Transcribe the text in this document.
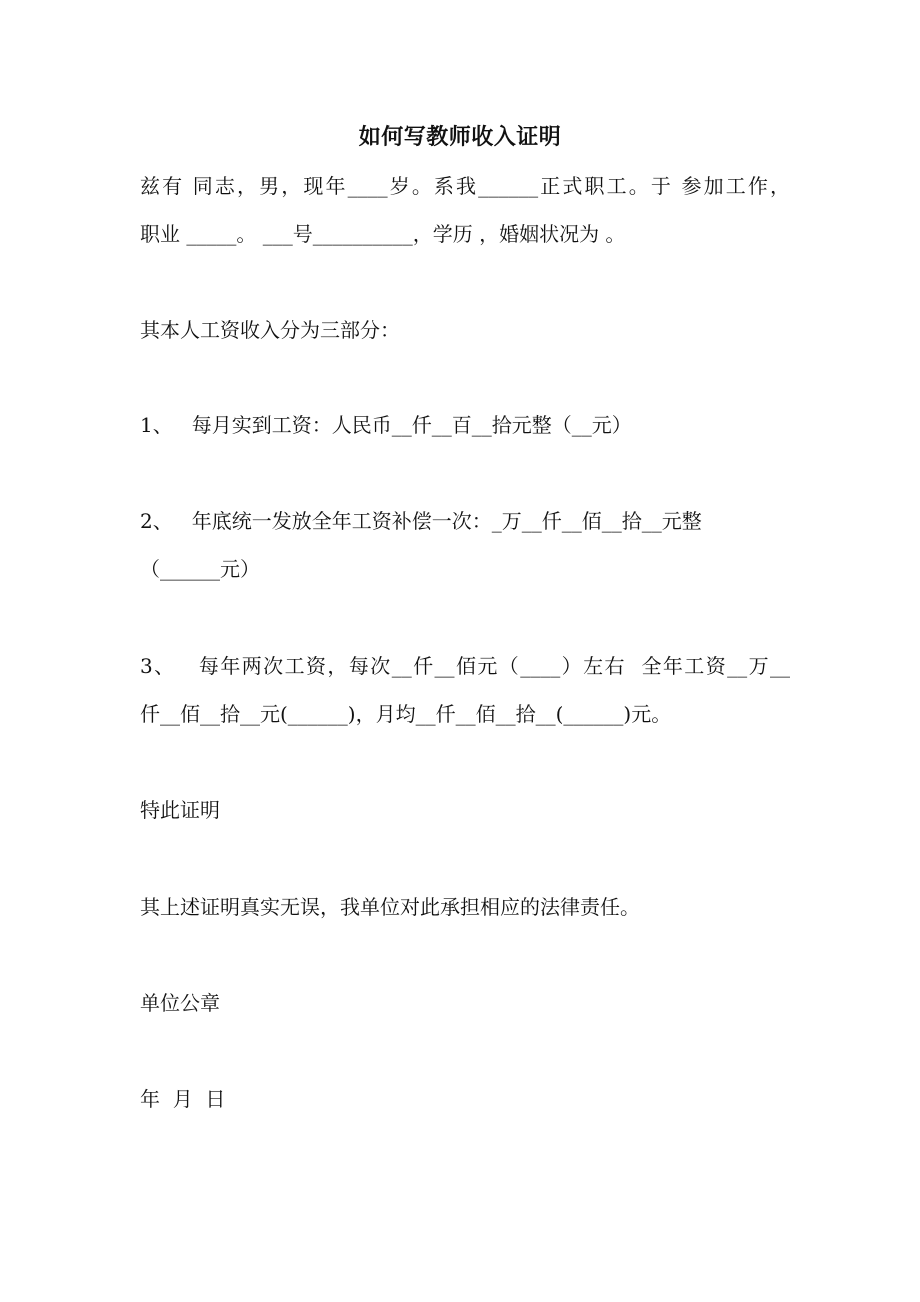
如何写教师收入证明
兹有 同志，男，现年____岁。系我______正式职工。于 参加工作，
职业 _____。 ___号__________，学历 ，婚姻状况为 。
其本人工资收入分为三部分：
1、   每月实到工资：人民币__仟__百__拾元整（__元）
2、   年底统一发放全年工资补偿一次：_万__仟__佰__拾__元整
（______元）
3、   每年两次工资，每次__仟__佰元（____）左右  全年工资__万__
仟__佰__拾__元(______)，月均__仟__佰__拾__(______)元。
特此证明
其上述证明真实无误，我单位对此承担相应的法律责任。
单位公章
年  月  日
